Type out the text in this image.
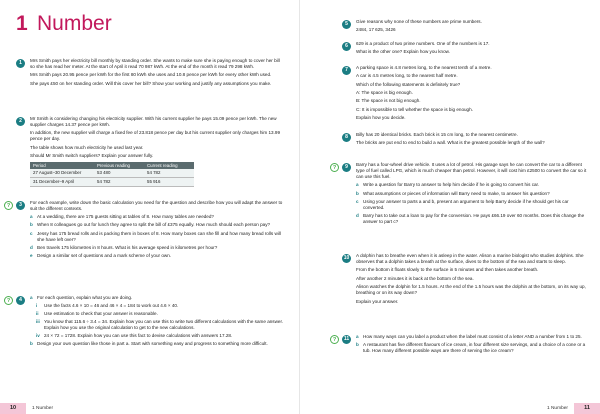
1 Number
1	Mrs Smith pays her electricity bill monthly by standing order. She wants to make sure she is paying enough to cover her bill so she has read her meter. At the start of April it read 70 987 kWh. At the end of the month it read 79 298 kWh.

Mrs Smith pays 20.95 pence per kWh for the first 80 kWh she uses and 10.8 pence per kWh for every other kWh used.

She pays £50 on her standing order. Will this cover her bill? Show your working and justify any assumptions you make.

2	Mr Smith is considering changing his electricity supplier. With his current supplier he pays 15.09 pence per kWh. The new supplier charges 14.37 pence per kWh.

In addition, the new supplier will charge a fixed fee of 23.818 pence per day but his current supplier only charges him 13.99 pence per day.

The table shows how much electricity he used last year.

Should Mr Smith switch suppliers? Explain your answer fully.

Period	Previous reading	Current reading
27 August–30 December	53 480	54 782
31 December–9 April	54 782	55 916
?	3	For each example, write down the basic calculation you need for the question and describe how you will adapt the answer to suit the different contexts.

a At a wedding, there are 175 guests sitting at tables of 8. How many tables are needed?
b When 8 colleagues go out for lunch they agree to split the bill of £375 equally. How much should each person pay?
c Jessy has 175 bread rolls and is packing them in boxes of 8. How many boxes can she fill and how many bread rolls will she have left over?
d Ben travels 175 kilometres in 8 hours. What is his average speed in kilometres per hour?
e Design a similar set of questions and a mark scheme of your own.
?	4	a For each question, explain what you are doing.
i Use the facts 4.6 × 10 = 46 and 46 × 4 = 184 to work out 4.6 × 40.
ii Use estimation to check that your answer is reasonable.
iii You know that 115.6 ÷ 3.4 = 34. Explain how you can use this to write two different calculations with the same answer. Explain how you use the original calculation to get to the new calculations.
iv 24 × 72 = 1728. Explain how you can use this fact to devise calculations with answers 17.28.
b Design your own question like those in part a. Start with something easy and progress to something more difficult.
10	1 Number
5	Give reasons why none of these numbers are prime numbers.

2484, 17 625, 3426

6	629 is a product of two prime numbers. One of the numbers is 17.

What is the other one? Explain how you know.

7	A parking space is 4.8 metres long, to the nearest tenth of a metre.

A car is 4.5 metres long, to the nearest half metre.

Which of the following statements is definitely true?

A: The space is big enough.

B: The space is not big enough.

C: It is impossible to tell whether the space is big enough.

Explain how you decide.

8	Billy has 20 identical bricks. Each brick is 15 cm long, to the nearest centimetre.

The bricks are put end to end to build a wall. What is the greatest possible length of the wall?

?	9	Barry has a four-wheel drive vehicle. It uses a lot of petrol. His garage says he can convert the car to a different type of fuel called LPG, which is much cheaper than petrol. However, it will cost him £2500 to convert the car so it can use this fuel.

a Write a question for Barry to answer to help him decide if he is going to convert his car.
b What assumptions or pieces of information will Barry need to make, to answer his question?
c Using your answer to parts a and b, present an argument to help Barry decide if he should get his car converted.
d Barry has to take out a loan to pay for the conversion. He pays £66.19 over 60 months. Does this change the answer to part c?
10	A dolphin has to breathe even when it is asleep in the water. Alison a marine biologist who studies dolphins. She observes that a dolphin takes a breath at the surface, dives to the bottom of the sea and starts to sleep.

From the bottom it floats slowly to the surface in 5 minutes and then takes another breath.

After another 2 minutes it is back at the bottom of the sea.

Alison watches the dolphin for 1.5 hours. At the end of the 1.5 hours was the dolphin at the bottom, on its way up, breathing or on its way down?

Explain your answer.

?	11	a How many ways can you label a product when the label must consist of a letter AND a number from 1 to 25.
b A restaurant has five different flavours of ice cream, in four different size servings, and a choice of a cone or a tub. How many different possible ways are there of serving the ice cream?
1 Number	11
